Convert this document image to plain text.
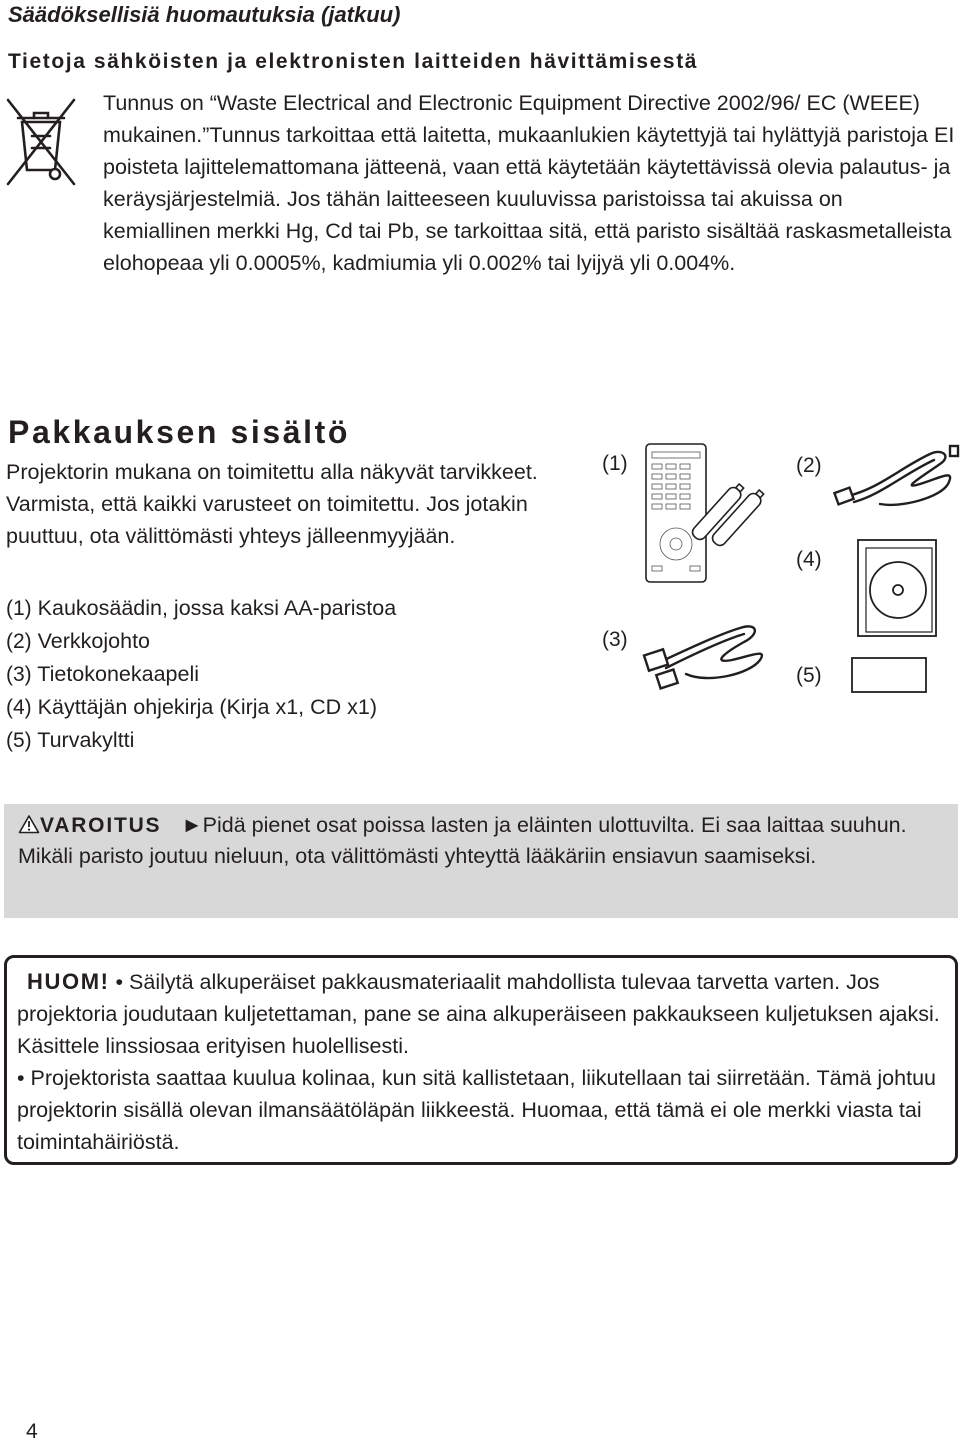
Säädöksellisiä huomautuksia (jatkuu)
Tietoja sähköisten ja elektronisten laitteiden hävittämisestä
Tunnus on “Waste Electrical and Electronic Equipment Directive 2002/96/ EC (WEEE) mukainen.”Tunnus tarkoittaa että laitetta, mukaanlukien käytettyjä tai hylättyjä paristoja EI poisteta lajittelemattomana jätteenä, vaan että käytetään käytettävissä olevia palautus- ja keräysjärjestelmiä. Jos tähän laitteeseen kuuluvissa paristoissa tai akuissa on kemiallinen merkki Hg, Cd tai Pb, se tarkoittaa sitä, että paristo sisältää raskasmetalleista elohopeaa yli 0.0005%, kadmiumia yli 0.002% tai lyijyä yli 0.004%.
Pakkauksen sisältö
Projektorin mukana on toimitettu alla näkyvät tarvikkeet. Varmista, että kaikki varusteet on toimitettu. Jos jotakin puuttuu, ota välittömästi yhteys jälleenmyyjään.
(1) Kaukosäädin, jossa kaksi AA-paristoa
(2) Verkkojohto
(3) Tietokonekaapeli
(4) Käyttäjän ohjekirja (Kirja x1, CD x1)
(5) Turvakyltti
(1)	(2)
(3)
(4)
(5)
VAROITUS ►Pidä pienet osat poissa lasten ja eläinten ulottuvilta. Ei saa laittaa suuhun. Mikäli paristo joutuu nieluun, ota välittömästi yhteyttä lääkäriin ensiavun saamiseksi.
HUOM! • Säilytä alkuperäiset pakkausmateriaalit mahdollista tulevaa tarvetta varten. Jos projektoria joudutaan kuljetettaman, pane se aina alkuperäiseen pakkaukseen kuljetuksen ajaksi. Käsittele linssiosaa erityisen huolellisesti.
• Projektorista saattaa kuulua kolinaa, kun sitä kallistetaan, liikutellaan tai siirretään. Tämä johtuu projektorin sisällä olevan ilmansäätöläpän liikkeestä. Huomaa, että tämä ei ole merkki viasta tai toimintahäiriöstä.
4
